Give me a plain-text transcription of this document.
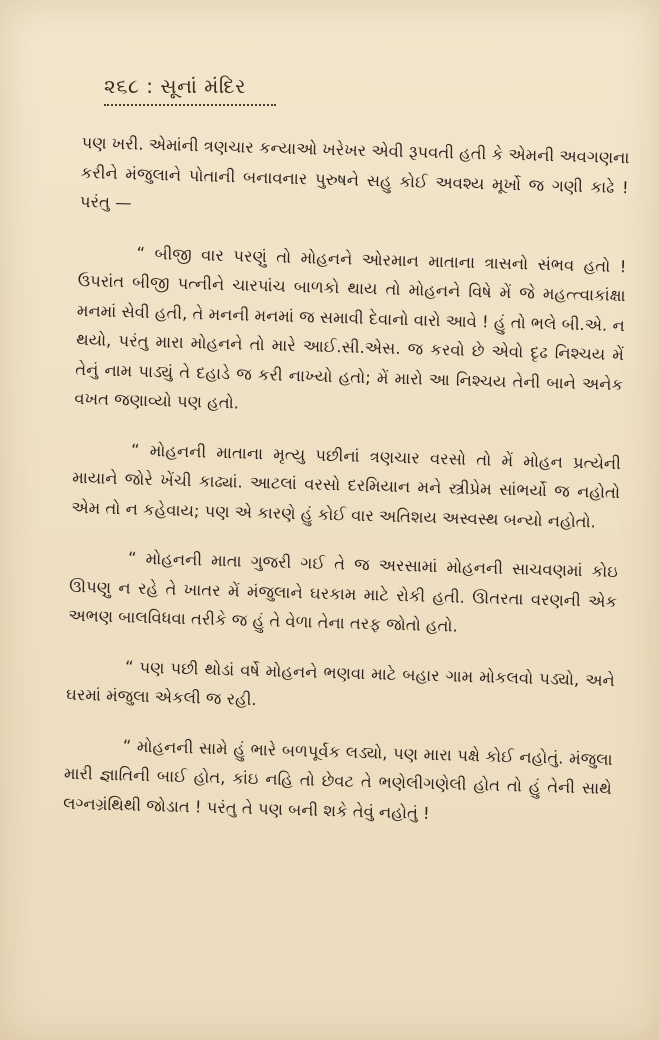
૨૬૮ : સૂનાં મંદિર

પણ ખરી. એમાંની ત્રણચાર કન્યાઓ ખરેખર એવી રૂપવતી હતી કે એમની અવગણના કરીને મંજુલાને પોતાની બનાવનાર પુરુષને સહુ કોઈ અવશ્ય મૂર્ખો જ ગણી કાઢે ! પરંતુ —

“ બીજી વાર પરણું તો મોહનને ઓરમાન માતાના ત્રાસનો સંભવ હતો ! ઉપરાંત બીજી પત્નીને ચારપાંચ બાળકો થાય તો મોહનને વિષે મેં જે મહત્ત્વાકાંક્ષા મનમાં સેવી હતી, તે મનની મનમાં જ સમાવી દેવાનો વારો આવે ! હું તો ભલે બી.એ. ન થયો, પરંતુ મારા મોહનને તો મારે આઈ.સી.એસ. જ કરવો છે એવો દૃઢ નિશ્ચય મેં તેનું નામ પાડ્યું તે દહાડે જ કરી નાખ્યો હતો; મેં મારો આ નિશ્ચય તેની બાને અનેક વખત જણાવ્યો પણ હતો.

“ મોહનની માતાના મૃત્યુ પછીનાં ત્રણચાર વરસો તો મેં મોહન પ્રત્યેની માયાને જોરે ખેંચી કાઢ્યાં. આટલાં વરસો દરમિયાન મને સ્ત્રીપ્રેમ સાંભર્યો જ નહોતો એમ તો ન કહેવાય; પણ એ કારણે હું કોઈ વાર અતિશય અસ્વસ્થ બન્યો નહોતો.

“ મોહનની માતા ગુજરી ગઈ તે જ અરસામાં મોહનની સાચવણમાં કોઇ ઊપણુ ન રહે તે ખાતર મેં મંજુલાને ઘરકામ માટે રોકી હતી. ઊતરતા વરણની એક અભણ બાલવિધવા તરીકે જ હું તે વેળા તેના તરફ જોતો હતો.

“ પણ પછી થોડાં વર્ષે મોહનને ભણવા માટે બહાર ગામ મોકલવો પડ્યો, અને ઘરમાં મંજુલા એકલી જ રહી.

“ મોહનની સામે હું ભારે બળપૂર્વક લડ્યો, પણ મારા પક્ષે કોઈ નહોતું. મંજુલા મારી જ્ઞાતિની બાઈ હોત, કાંઇ નહિ તો છેવટ તે ભણેલીગણેલી હોત તો હું તેની સાથે લગ્નગ્રંથિથી જોડાત ! પરંતુ તે પણ બની શકે તેવું નહોતું !
